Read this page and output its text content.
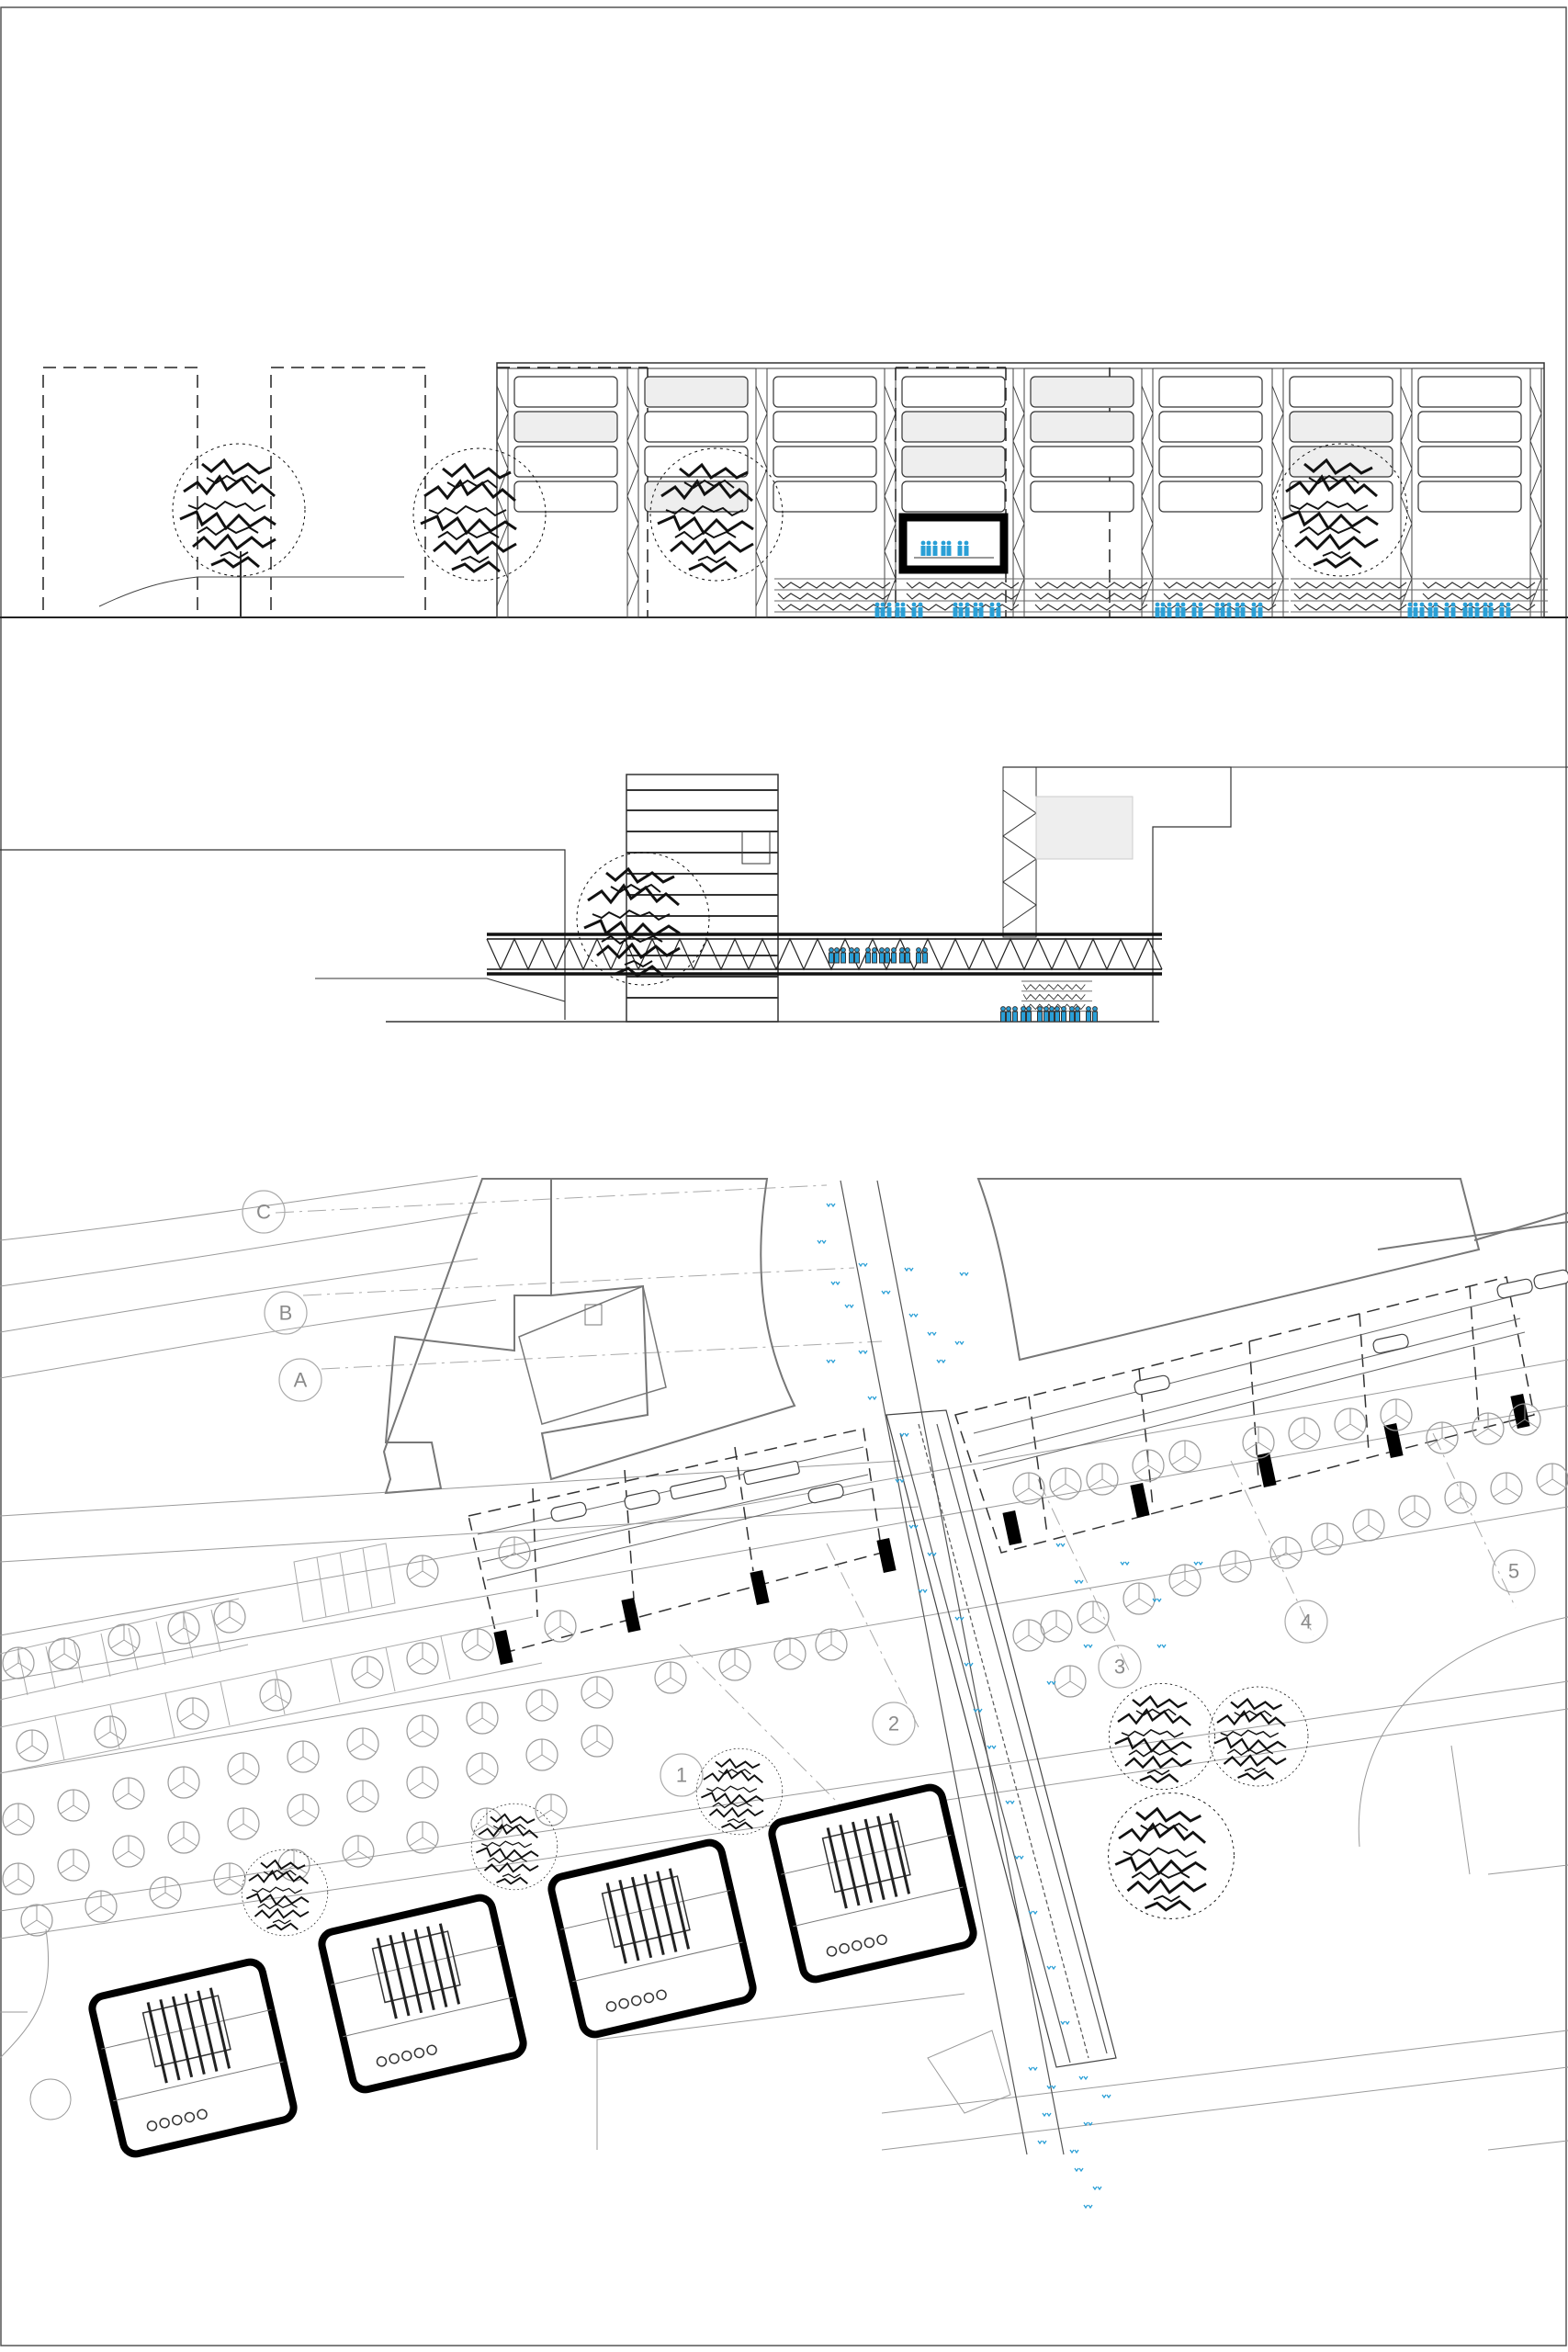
C
B
A
1
2
3
4
5
